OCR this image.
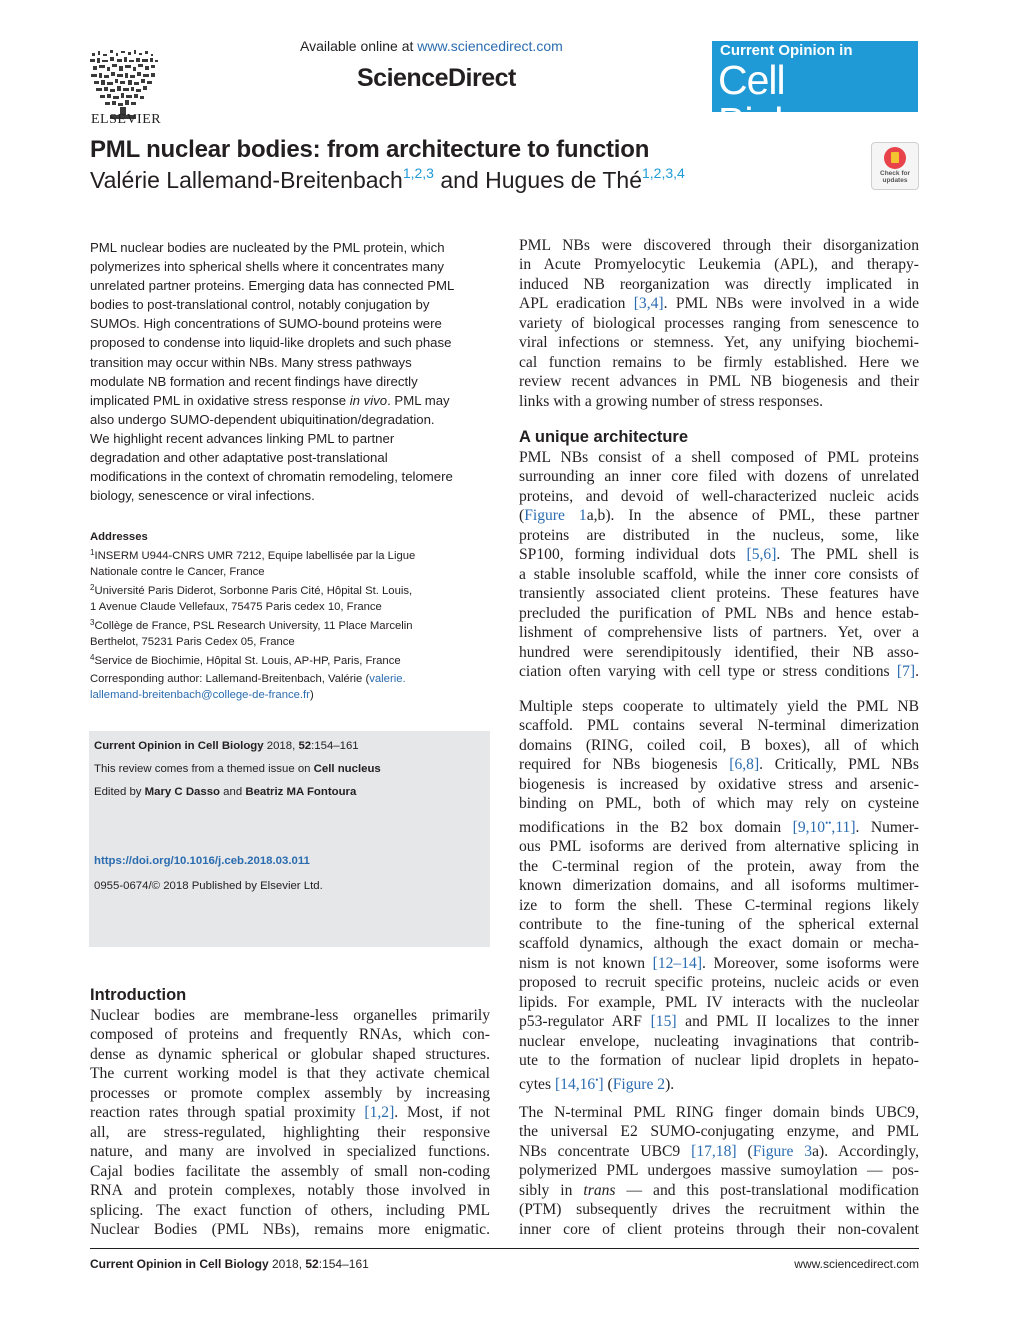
ELSEVIER
Available online at www.sciencedirect.com
ScienceDirect
Current Opinion in
Cell Biology
PML nuclear bodies: from architecture to function
Valérie Lallemand-Breitenbach$^{1,2,3}$ and Hugues de Thé$^{1,2,3,4}$	Check for
updates
PML nuclear bodies are nucleated by the PML protein, which
polymerizes into spherical shells where it concentrates many
unrelated partner proteins. Emerging data has connected PML
bodies to post-translational control, notably conjugation by
SUMOs. High concentrations of SUMO-bound proteins were
proposed to condense into liquid-like droplets and such phase
transition may occur within NBs. Many stress pathways
modulate NB formation and recent findings have directly
implicated PML in oxidative stress response in vivo. PML may
also undergo SUMO-dependent ubiquitination/degradation.
We highlight recent advances linking PML to partner
degradation and other adaptative post-translational
modifications in the context of chromatin remodeling, telomere
biology, senescence or viral infections.
Addresses
$^1$INSERM U944-CNRS UMR 7212, Equipe labellisée par la Ligue
Nationale contre le Cancer, France
$^2$Université Paris Diderot, Sorbonne Paris Cité, Hôpital St. Louis,
1 Avenue Claude Vellefaux, 75475 Paris cedex 10, France
$^3$Collège de France, PSL Research University, 11 Place Marcelin
Berthelot, 75231 Paris Cedex 05, France
$^4$Service de Biochimie, Hôpital St. Louis, AP-HP, Paris, France
Corresponding author: Lallemand-Breitenbach, Valérie (valerie.
lallemand-breitenbach@college-de-france.fr)
Current Opinion in Cell Biology 2018, 52:154–161
This review comes from a themed issue on Cell nucleus
Edited by Mary C Dasso and Beatriz MA Fontoura
https://doi.org/10.1016/j.ceb.2018.03.011
0955-0674/© 2018 Published by Elsevier Ltd.
Introduction
Nuclear bodies are membrane-less organelles primarily
composed of proteins and frequently RNAs, which con-
dense as dynamic spherical or globular shaped structures.
The current working model is that they activate chemical
processes or promote complex assembly by increasing
reaction rates through spatial proximity [1,2]. Most, if not
all, are stress-regulated, highlighting their responsive
nature, and many are involved in specialized functions.
Cajal bodies facilitate the assembly of small non-coding
RNA and protein complexes, notably those involved in
splicing. The exact function of others, including PML
Nuclear Bodies (PML NBs), remains more enigmatic.
PML NBs were discovered through their disorganization
in Acute Promyelocytic Leukemia (APL), and therapy-
induced NB reorganization was directly implicated in
APL eradication [3,4]. PML NBs were involved in a wide
variety of biological processes ranging from senescence to
viral infections or stemness. Yet, any unifying biochemi-
cal function remains to be firmly established. Here we
review recent advances in PML NB biogenesis and their
links with a growing number of stress responses.
A unique architecture
PML NBs consist of a shell composed of PML proteins
surrounding an inner core filed with dozens of unrelated
proteins, and devoid of well-characterized nucleic acids
(Figure 1a,b). In the absence of PML, these partner
proteins are distributed in the nucleus, some, like
SP100, forming individual dots [5,6]. The PML shell is
a stable insoluble scaffold, while the inner core consists of
transiently associated client proteins. These features have
precluded the purification of PML NBs and hence estab-
lishment of comprehensive lists of partners. Yet, over a
hundred were serendipitously identified, their NB asso-
ciation often varying with cell type or stress conditions [7].
Multiple steps cooperate to ultimately yield the PML NB
scaffold. PML contains several N-terminal dimerization
domains (RING, coiled coil, B boxes), all of which
required for NBs biogenesis [6,8]. Critically, PML NBs
biogenesis is increased by oxidative stress and arsenic-
binding on PML, both of which may rely on cysteine
modifications in the B2 box domain [9,10••,11]. Numer-
ous PML isoforms are derived from alternative splicing in
the C-terminal region of the protein, away from the
known dimerization domains, and all isoforms multimer-
ize to form the shell. These C-terminal regions likely
contribute to the fine-tuning of the spherical external
scaffold dynamics, although the exact domain or mecha-
nism is not known [12–14]. Moreover, some isoforms were
proposed to recruit specific proteins, nucleic acids or even
lipids. For example, PML IV interacts with the nucleolar
p53-regulator ARF [15] and PML II localizes to the inner
nuclear envelope, nucleating invaginations that contrib-
ute to the formation of nuclear lipid droplets in hepato-
cytes [14,16•] (Figure 2).
The N-terminal PML RING finger domain binds UBC9,
the universal E2 SUMO-conjugating enzyme, and PML
NBs concentrate UBC9 [17,18] (Figure 3a). Accordingly,
polymerized PML undergoes massive sumoylation — pos-
sibly in trans — and this post-translational modification
(PTM) subsequently drives the recruitment within the
inner core of client proteins through their non-covalent
Current Opinion in Cell Biology 2018, 52:154–161	www.sciencedirect.com
